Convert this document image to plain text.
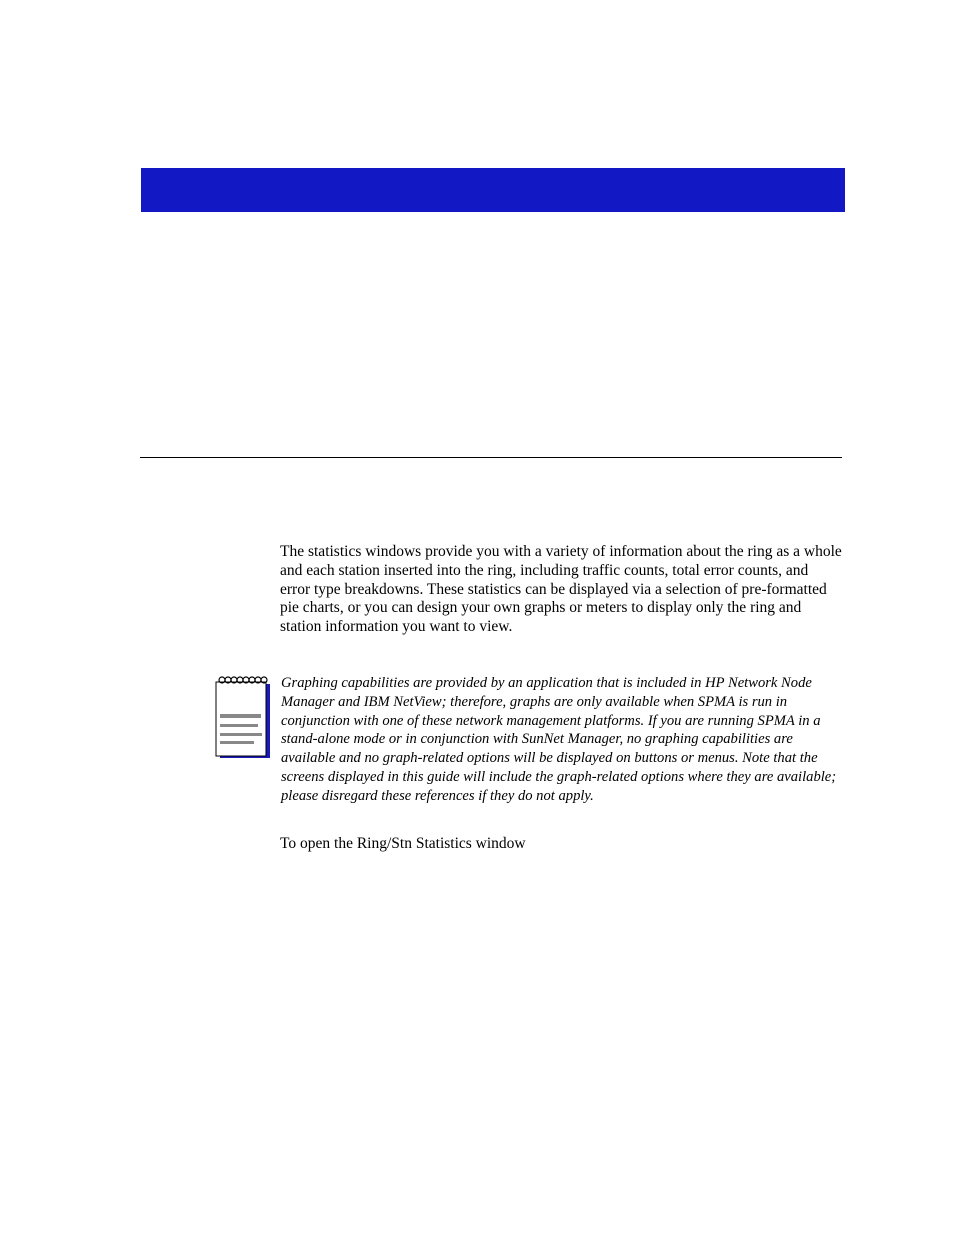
The statistics windows provide you with a variety of information about the ring as a whole and each station inserted into the ring, including traffic counts, total error counts, and error type breakdowns. These statistics can be displayed via a selection of pre-formatted pie charts, or you can design your own graphs or meters to display only the ring and station information you want to view.

Graphing capabilities are provided by an application that is included in HP Network Node Manager and IBM NetView; therefore, graphs are only available when SPMA is run in conjunction with one of these network management platforms. If you are running SPMA in a stand-alone mode or in conjunction with SunNet Manager, no graphing capabilities are available and no graph-related options will be displayed on buttons or menus. Note that the screens displayed in this guide will include the graph-related options where they are available; please disregard these references if they do not apply.

To open the Ring/Stn Statistics window
